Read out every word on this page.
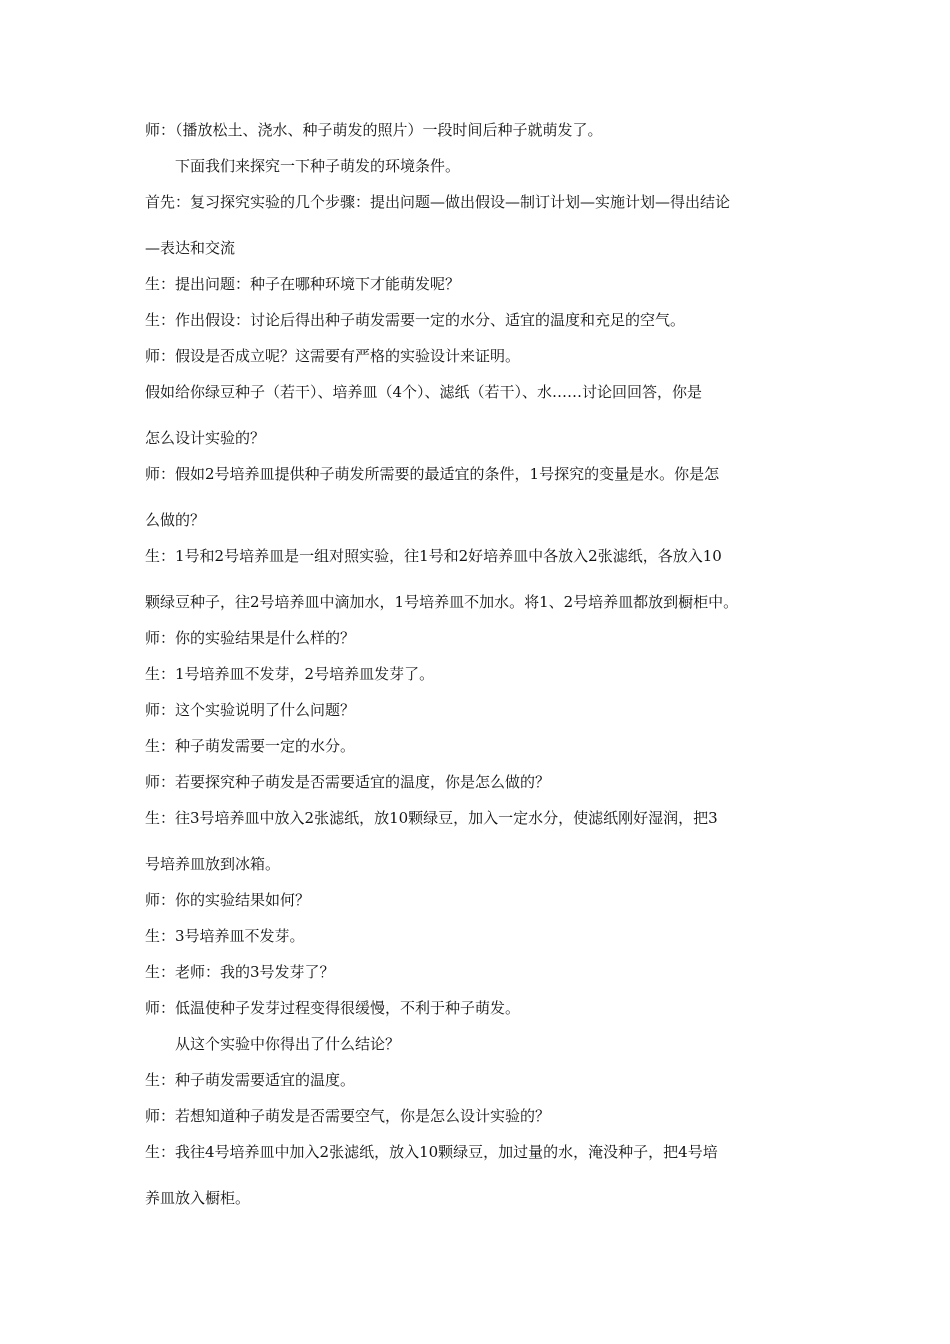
师：（播放松土、浇水、种子萌发的照片）一段时间后种子就萌发了。
下面我们来探究一下种子萌发的环境条件。
首先：复习探究实验的几个步骤：提出问题—做出假设—制订计划—实施计划—得出结论
—表达和交流
生：提出问题：种子在哪种环境下才能萌发呢？
生：作出假设：讨论后得出种子萌发需要一定的水分、适宜的温度和充足的空气。
师：假设是否成立呢？这需要有严格的实验设计来证明。
假如给你绿豆种子（若干）、培养皿（4个）、滤纸（若干）、水……讨论回回答，你是
怎么设计实验的？
师：假如2号培养皿提供种子萌发所需要的最适宜的条件，1号探究的变量是水。你是怎
么做的？
生：1号和2号培养皿是一组对照实验，往1号和2好培养皿中各放入2张滤纸，各放入10
颗绿豆种子，往2号培养皿中滴加水，1号培养皿不加水。将1、2号培养皿都放到橱柜中。
师：你的实验结果是什么样的？
生：1号培养皿不发芽，2号培养皿发芽了。
师：这个实验说明了什么问题？
生：种子萌发需要一定的水分。
师：若要探究种子萌发是否需要适宜的温度，你是怎么做的？
生：往3号培养皿中放入2张滤纸，放10颗绿豆，加入一定水分，使滤纸刚好湿润，把3
号培养皿放到冰箱。
师：你的实验结果如何？
生：3号培养皿不发芽。
生：老师：我的3号发芽了？
师：低温使种子发芽过程变得很缓慢，不利于种子萌发。
从这个实验中你得出了什么结论？
生：种子萌发需要适宜的温度。
师：若想知道种子萌发是否需要空气，你是怎么设计实验的？
生：我往4号培养皿中加入2张滤纸，放入10颗绿豆，加过量的水，淹没种子，把4号培
养皿放入橱柜。
